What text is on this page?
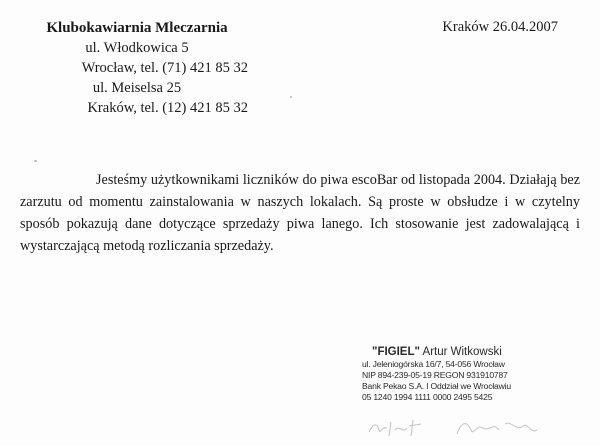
Klubokawiarnia Mleczarnia
ul. Włodkowica 5
Wrocław, tel. (71) 421 85 32
ul. Meiselsa 25
Kraków, tel. (12) 421 85 32
Kraków 26.04.2007
Jesteśmy użytkownikami liczników do piwa escoBar od listopada 2004. Działają bez zarzutu od momentu zainstalowania w naszych lokalach. Są proste w obsłudze i w czytelny sposób pokazują dane dotyczące sprzedaży piwa lanego. Ich stosowanie jest zadowalającą i wystarczającą metodą rozliczania sprzedaży.
"FIGIEL" Artur Witkowski
ul. Jeleniogórska 16/7, 54-056 Wrocław
NIP 894-239-05-19 REGON 931910787
Bank Pekao S.A. I Oddział we Wrocławiu
05 1240 1994 1111 0000 2495 5425
